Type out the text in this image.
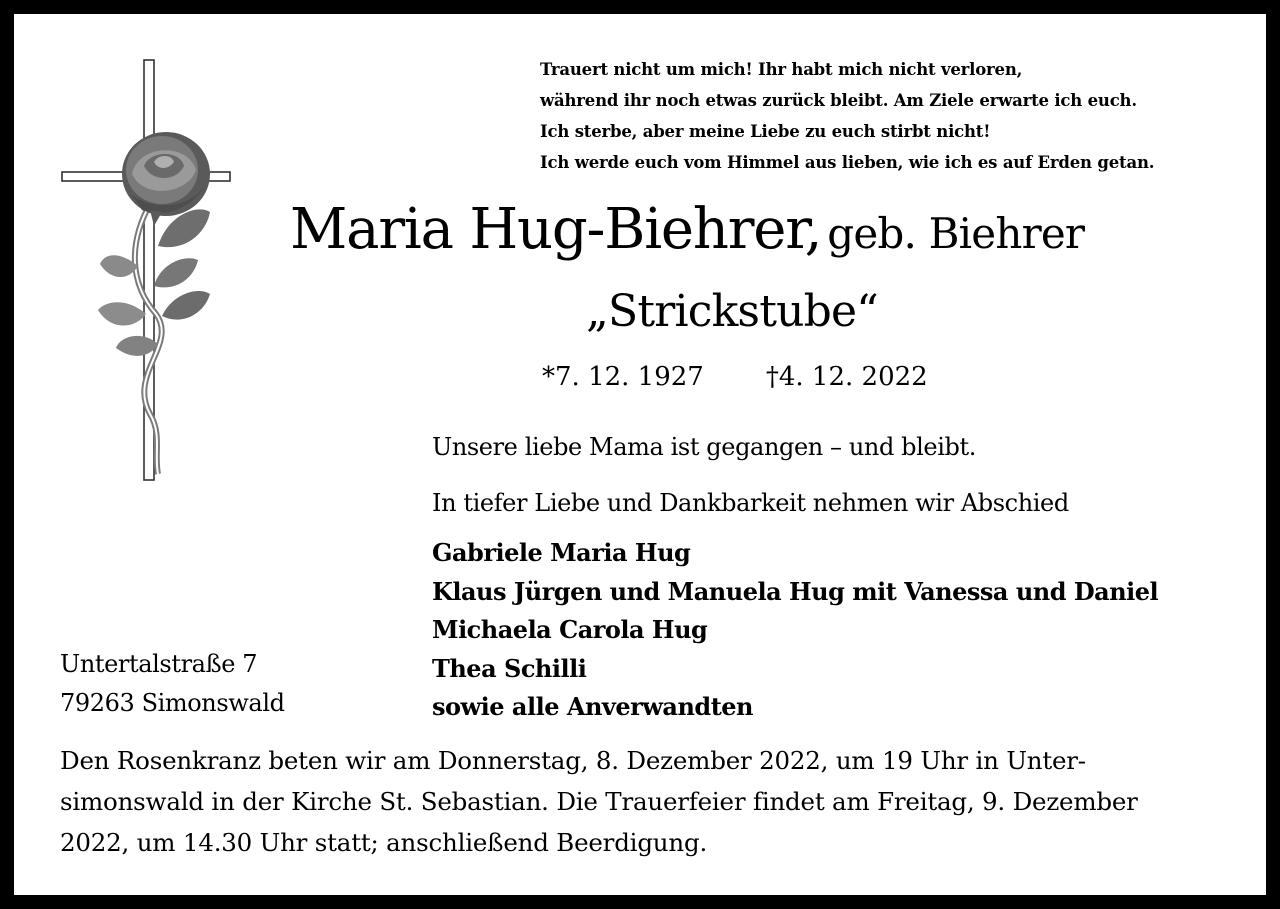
Trauert nicht um mich! Ihr habt mich nicht verloren,
während ihr noch etwas zurück bleibt. Am Ziele erwarte ich euch.
Ich sterbe, aber meine Liebe zu euch stirbt nicht!
Ich werde euch vom Himmel aus lieben, wie ich es auf Erden getan.
Maria Hug-Biehrer, geb. Biehrer
„Strickstube“
*7. 12. 1927 †4. 12. 2022
Unsere liebe Mama ist gegangen – und bleibt.
In tiefer Liebe und Dankbarkeit nehmen wir Abschied
Gabriele Maria Hug
Klaus Jürgen und Manuela Hug mit Vanessa und Daniel
Michaela Carola Hug
Thea Schilli
sowie alle Anverwandten
Untertalstraße 7
79263 Simonswald
Den Rosenkranz beten wir am Donnerstag, 8. Dezember 2022, um 19 Uhr in Unter-
simonswald in der Kirche St. Sebastian. Die Trauerfeier findet am Freitag, 9. Dezember
2022, um 14.30 Uhr statt; anschließend Beerdigung.
